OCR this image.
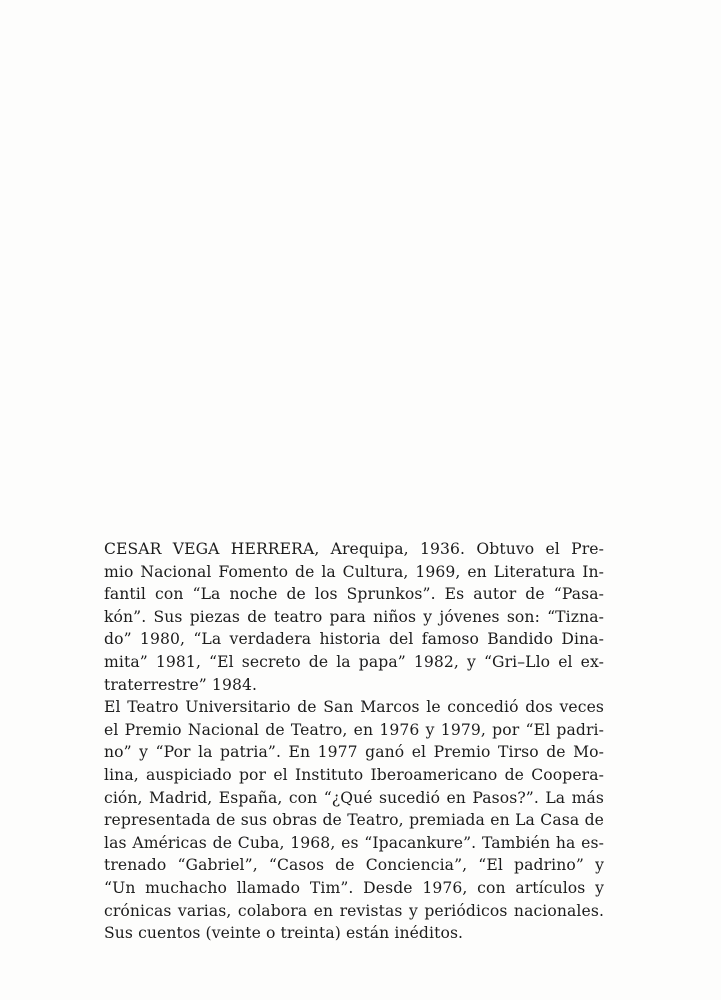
CESAR VEGA HERRERA, Arequipa, 1936. Obtuvo el Pre-
mio Nacional Fomento de la Cultura, 1969, en Literatura In-
fantil con “La noche de los Sprunkos”. Es autor de “Pasa-
kón”. Sus piezas de teatro para niños y jóvenes son: “Tizna-
do” 1980, “La verdadera historia del famoso Bandido Dina-
mita” 1981, “El secreto de la papa” 1982, y “Gri–Llo el ex-
traterrestre” 1984.
El Teatro Universitario de San Marcos le concedió dos veces
el Premio Nacional de Teatro, en 1976 y 1979, por “El padri-
no” y “Por la patria”. En 1977 ganó el Premio Tirso de Mo-
lina, auspiciado por el Instituto Iberoamericano de Coopera-
ción, Madrid, España, con “¿Qué sucedió en Pasos?”. La más
representada de sus obras de Teatro, premiada en La Casa de
las Américas de Cuba, 1968, es “Ipacankure”. También ha es-
trenado “Gabriel”, “Casos de Conciencia”, “El padrino” y
“Un muchacho llamado Tim”. Desde 1976, con artículos y
crónicas varias, colabora en revistas y periódicos nacionales.
Sus cuentos (veinte o treinta) están inéditos.
